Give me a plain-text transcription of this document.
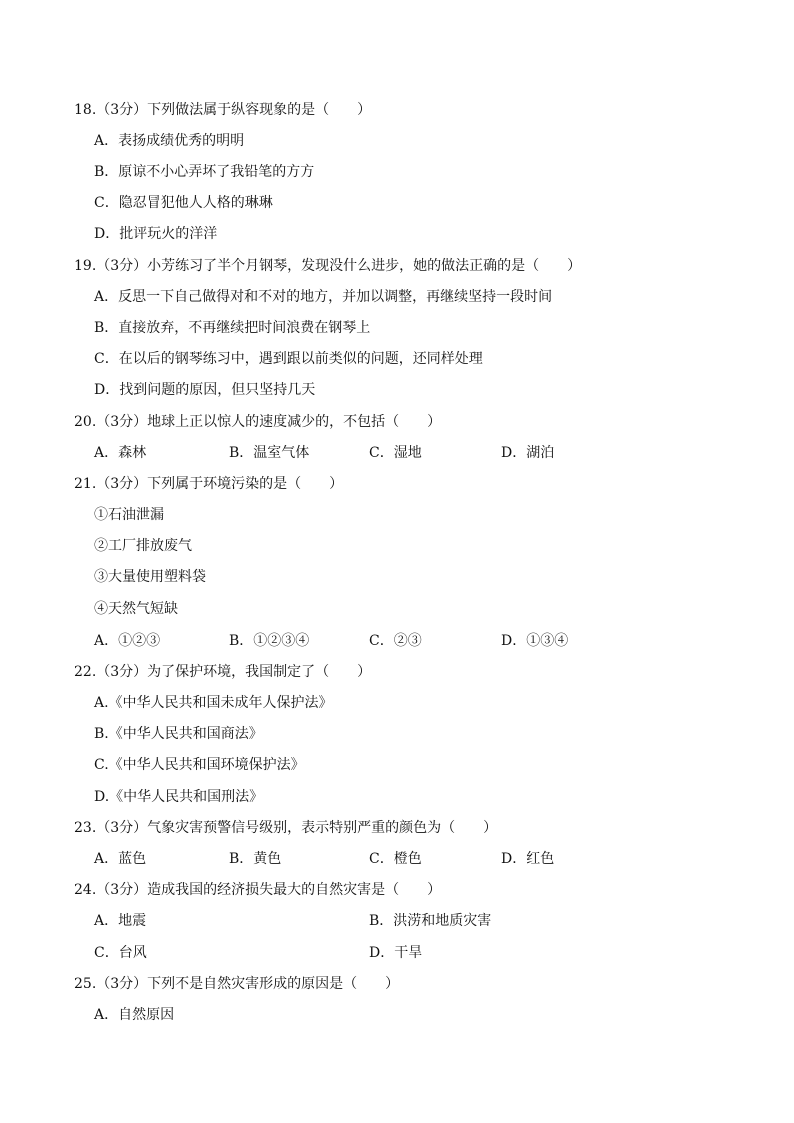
18.（3分）下列做法属于纵容现象的是（　　）
A．表扬成绩优秀的明明
B．原谅不小心弄坏了我铅笔的方方
C．隐忍冒犯他人人格的琳琳
D．批评玩火的洋洋
19.（3分）小芳练习了半个月钢琴，发现没什么进步，她的做法正确的是（　　）
A．反思一下自己做得对和不对的地方，并加以调整，再继续坚持一段时间
B．直接放弃，不再继续把时间浪费在钢琴上
C．在以后的钢琴练习中，遇到跟以前类似的问题，还同样处理
D．找到问题的原因，但只坚持几天
20.（3分）地球上正以惊人的速度减少的，不包括（　　）
A．森林	B．温室气体	C．湿地	D．湖泊
21.（3分）下列属于环境污染的是（　　）
①石油泄漏
②工厂排放废气
③大量使用塑料袋
④天然气短缺
A．①②③	B．①②③④	C．②③	D．①③④
22.（3分）为了保护环境，我国制定了（　　）
A.《中华人民共和国未成年人保护法》
B.《中华人民共和国商法》
C.《中华人民共和国环境保护法》
D.《中华人民共和国刑法》
23.（3分）气象灾害预警信号级别，表示特别严重的颜色为（　　）
A．蓝色	B．黄色	C．橙色	D．红色
24.（3分）造成我国的经济损失最大的自然灾害是（　　）
A．地震	B．洪涝和地质灾害
C．台风	D．干旱
25.（3分）下列不是自然灾害形成的原因是（　　）
A．自然原因
